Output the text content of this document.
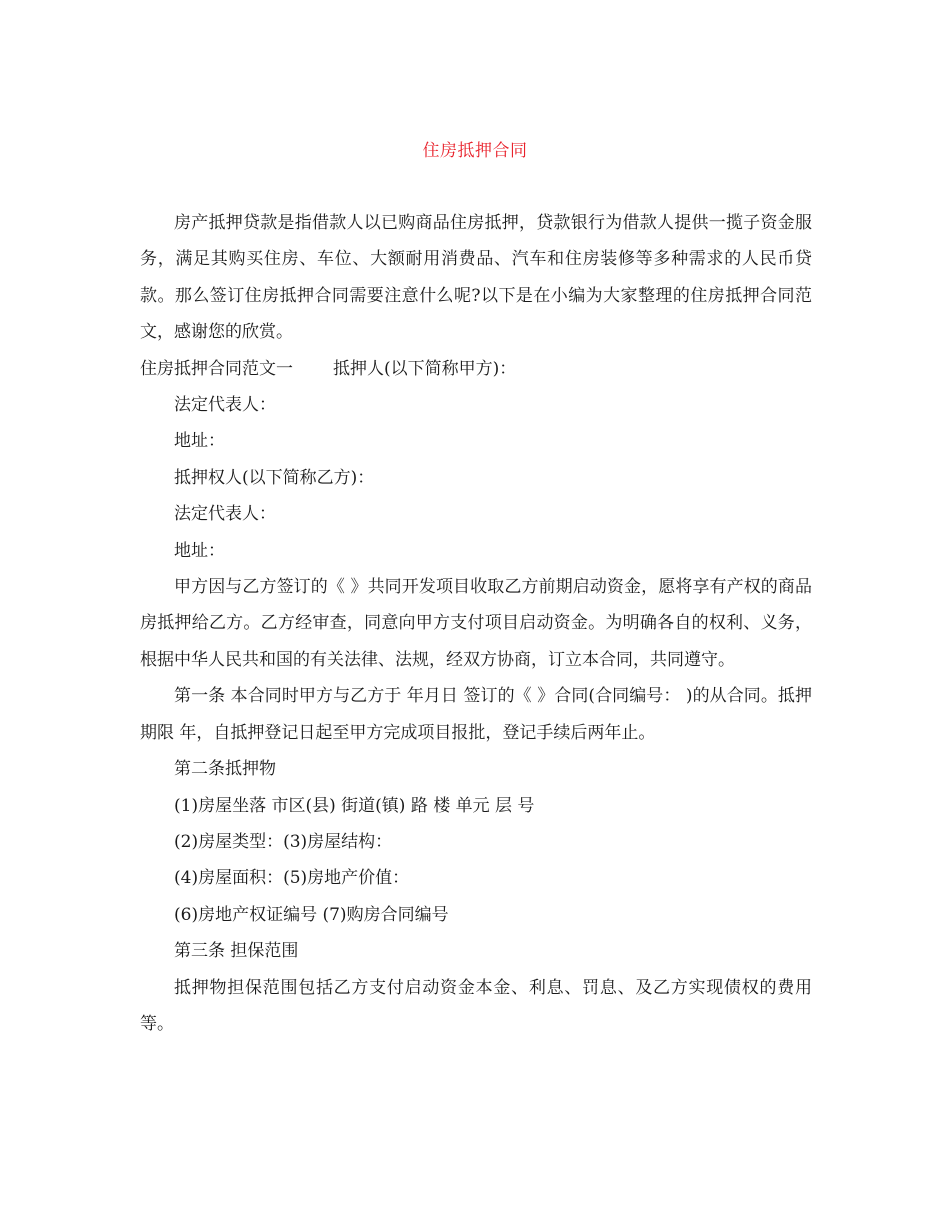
住房抵押合同

房产抵押贷款是指借款人以已购商品住房抵押，贷款银行为借款人提供一揽子资金服务，满足其购买住房、车位、大额耐用消费品、汽车和住房装修等多种需求的人民币贷款。那么签订住房抵押合同需要注意什么呢?以下是在小编为大家整理的住房抵押合同范文，感谢您的欣赏。

住房抵押合同范文一 抵押人(以下简称甲方)：

法定代表人：

地址：

抵押权人(以下简称乙方)：

法定代表人：

地址：

甲方因与乙方签订的《 》共同开发项目收取乙方前期启动资金，愿将享有产权的商品房抵押给乙方。乙方经审查，同意向甲方支付项目启动资金。为明确各自的权利、义务，根据中华人民共和国的有关法律、法规，经双方协商，订立本合同，共同遵守。

第一条 本合同时甲方与乙方于 年月日 签订的《 》合同(合同编号： )的从合同。抵押期限 年，自抵押登记日起至甲方完成项目报批，登记手续后两年止。

第二条抵押物

(1)房屋坐落 市区(县) 街道(镇) 路 楼 单元 层 号

(2)房屋类型：(3)房屋结构：

(4)房屋面积：(5)房地产价值：

(6)房地产权证编号 (7)购房合同编号

第三条 担保范围

抵押物担保范围包括乙方支付启动资金本金、利息、罚息、及乙方实现债权的费用等。
